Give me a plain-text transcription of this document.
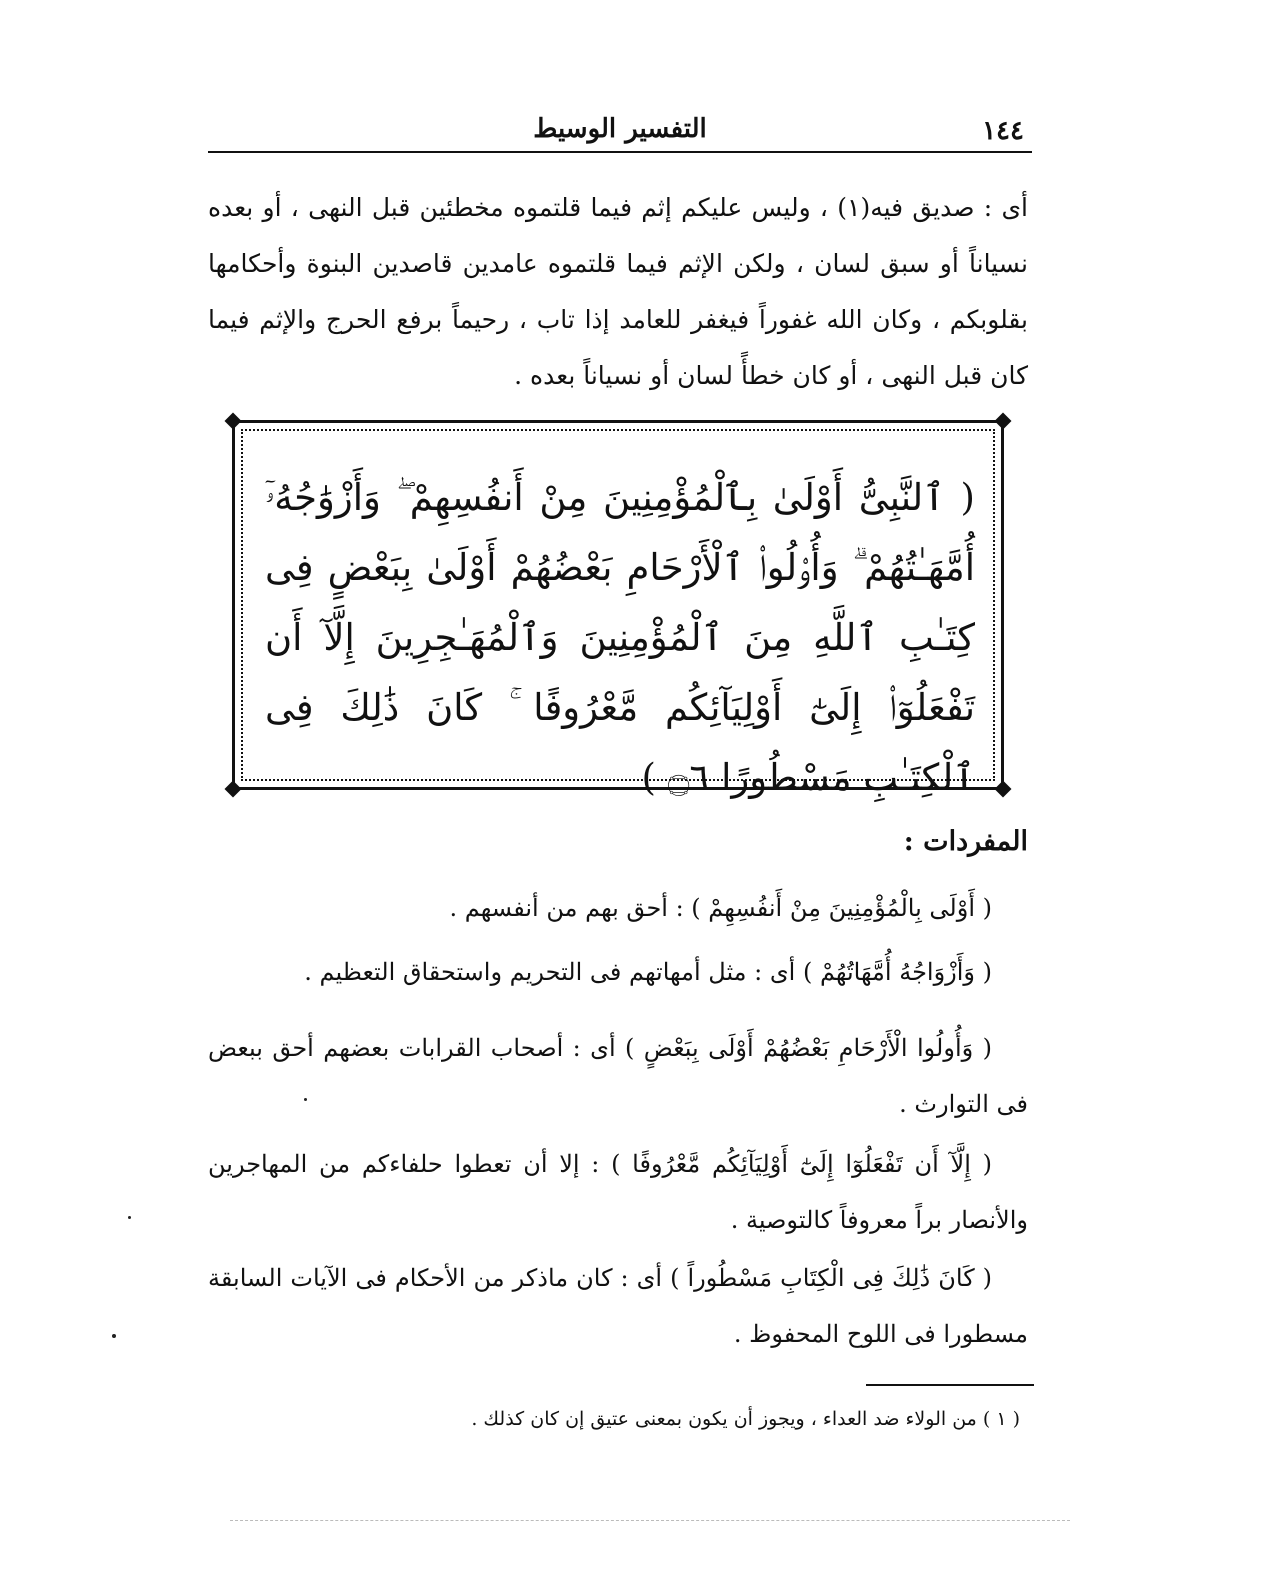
١٤٤
التفسير الوسيط

أى : صديق فيه(١) ، وليس عليكم إثم فيما قلتموه مخطئين قبل النهى ، أو بعده نسياناً أو سبق لسان ، ولكن الإثم فيما قلتموه عامدين قاصدين البنوة وأحكامها بقلوبكم ، وكان الله غفوراً فيغفر للعامد إذا تاب ، رحيماً برفع الحرج والإثم فيما كان قبل النهى ، أو كان خطأً لسان أو نسياناً بعده .

( ٱلنَّبِىُّ أَوْلَىٰ بِٱلْمُؤْمِنِينَ مِنْ أَنفُسِهِمْ ۖ وَأَزْوَٰجُهُۥٓ أُمَّهَـٰتُهُمْ ۗ وَأُو۟لُوا۟ ٱلْأَرْحَامِ بَعْضُهُمْ أَوْلَىٰ بِبَعْضٍ فِى كِتَـٰبِ ٱللَّهِ مِنَ ٱلْمُؤْمِنِينَ وَٱلْمُهَـٰجِرِينَ إِلَّآ أَن تَفْعَلُوٓا۟ إِلَىٰٓ أَوْلِيَآئِكُم مَّعْرُوفًا ۚ كَانَ ذَٰلِكَ فِى ٱلْكِتَـٰبِ مَسْطُورًا ۝٦ )

المفردات :

( أَوْلَى بِالْمُؤْمِنِينَ مِنْ أَنفُسِهِمْ ) : أحق بهم من أنفسهم .

( وَأَزْوَاجُهُ أُمَّهَاتُهُمْ ) أى : مثل أمهاتهم فى التحريم واستحقاق التعظيم .

( وَأُولُوا الْأَرْحَامِ بَعْضُهُمْ أَوْلَى بِبَعْضٍ ) أى : أصحاب القرابات بعضهم أحق ببعض فى التوارث .

( إِلَّآ أَن تَفْعَلُوٓا إِلَىٰٓ أَوْلِيَآئِكُم مَّعْرُوفًا ) : إلا أن تعطوا حلفاءكم من المهاجرين والأنصار براً معروفاً كالتوصية .

( كَانَ ذَٰلِكَ فِى الْكِتَابِ مَسْطُوراً ) أى : كان ماذكر من الأحكام فى الآيات السابقة مسطورا فى اللوح المحفوظ .

( ١ ) من الولاء ضد العداء ، ويجوز أن يكون بمعنى عتيق إن كان كذلك .
